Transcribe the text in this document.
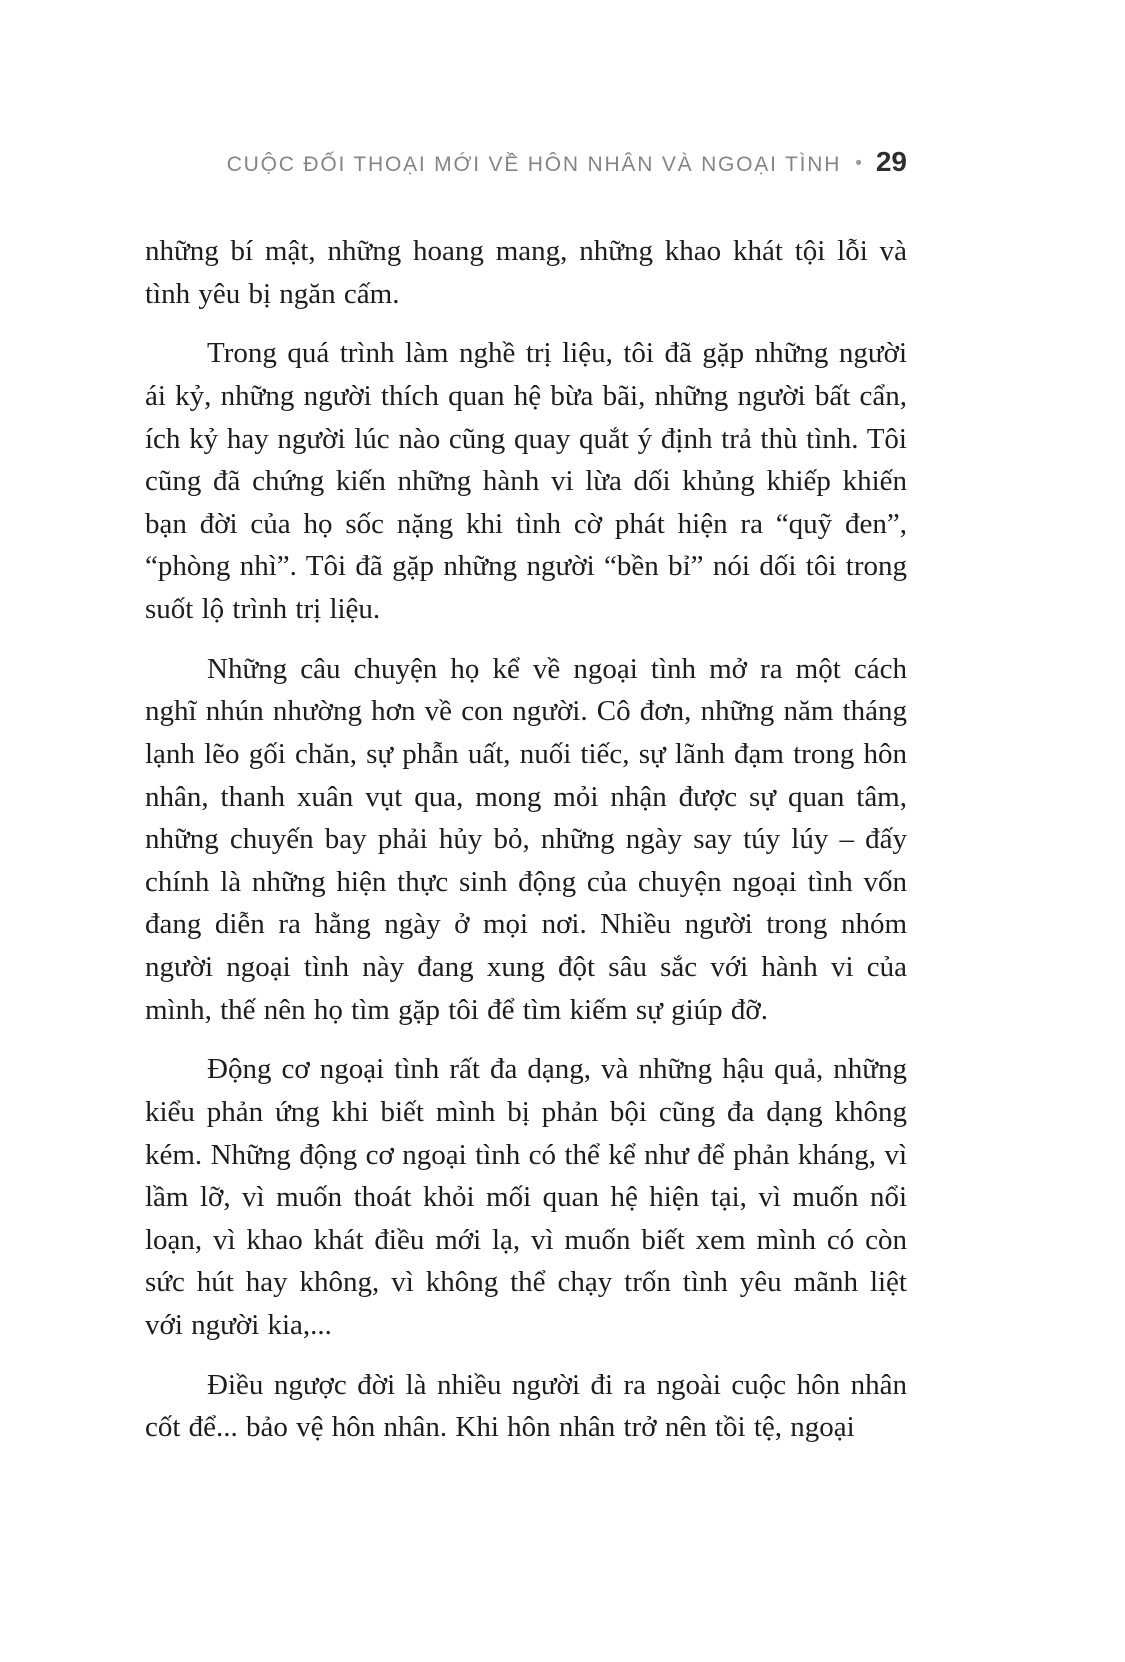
CUỘC ĐỐI THOẠI MỚI VỀ HÔN NHÂN VÀ NGOẠI TÌNH • 29

những bí mật, những hoang mang, những khao khát tội lỗi và tình yêu bị ngăn cấm.

Trong quá trình làm nghề trị liệu, tôi đã gặp những người ái kỷ, những người thích quan hệ bừa bãi, những người bất cẩn, ích kỷ hay người lúc nào cũng quay quắt ý định trả thù tình. Tôi cũng đã chứng kiến những hành vi lừa dối khủng khiếp khiến bạn đời của họ sốc nặng khi tình cờ phát hiện ra “quỹ đen”, “phòng nhì”. Tôi đã gặp những người “bền bỉ” nói dối tôi trong suốt lộ trình trị liệu.

Những câu chuyện họ kể về ngoại tình mở ra một cách nghĩ nhún nhường hơn về con người. Cô đơn, những năm tháng lạnh lẽo gối chăn, sự phẫn uất, nuối tiếc, sự lãnh đạm trong hôn nhân, thanh xuân vụt qua, mong mỏi nhận được sự quan tâm, những chuyến bay phải hủy bỏ, những ngày say túy lúy – đấy chính là những hiện thực sinh động của chuyện ngoại tình vốn đang diễn ra hằng ngày ở mọi nơi. Nhiều người trong nhóm người ngoại tình này đang xung đột sâu sắc với hành vi của mình, thế nên họ tìm gặp tôi để tìm kiếm sự giúp đỡ.

Động cơ ngoại tình rất đa dạng, và những hậu quả, những kiểu phản ứng khi biết mình bị phản bội cũng đa dạng không kém. Những động cơ ngoại tình có thể kể như để phản kháng, vì lầm lỡ, vì muốn thoát khỏi mối quan hệ hiện tại, vì muốn nổi loạn, vì khao khát điều mới lạ, vì muốn biết xem mình có còn sức hút hay không, vì không thể chạy trốn tình yêu mãnh liệt với người kia,...

Điều ngược đời là nhiều người đi ra ngoài cuộc hôn nhân cốt để... bảo vệ hôn nhân. Khi hôn nhân trở nên tồi tệ, ngoại
